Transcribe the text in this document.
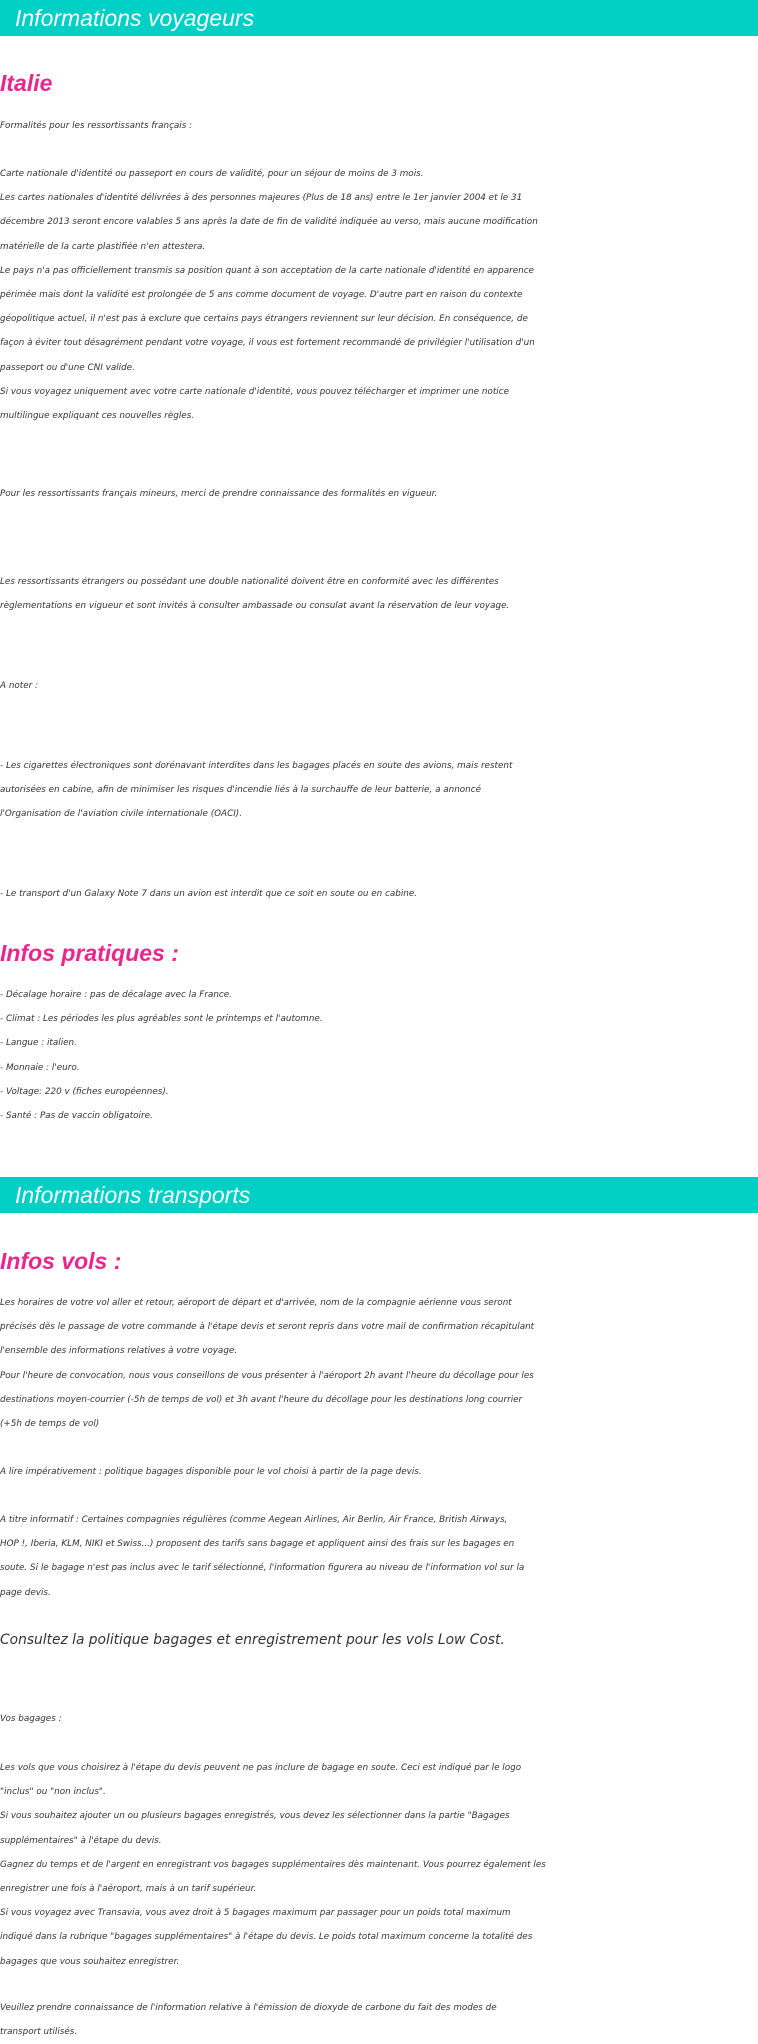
Informations voyageurs
Italie
Formalités pour les ressortissants français :
Carte nationale d'identité ou passeport en cours de validité, pour un séjour de moins de 3 mois.
Les cartes nationales d'identité délivrées à des personnes majeures (Plus de 18 ans) entre le 1er janvier 2004 et le 31
décembre 2013 seront encore valables 5 ans après la date de fin de validité indiquée au verso, mais aucune modification
matérielle de la carte plastifiée n'en attestera.
Le pays n'a pas officiellement transmis sa position quant à son acceptation de la carte nationale d'identité en apparence
périmée mais dont la validité est prolongée de 5 ans comme document de voyage. D'autre part en raison du contexte
géopolitique actuel, il n'est pas à exclure que certains pays étrangers reviennent sur leur décision. En conséquence, de
façon à éviter tout désagrément pendant votre voyage, il vous est fortement recommandé de privilégier l'utilisation d'un
passeport ou d'une CNI valide.
Si vous voyagez uniquement avec votre carte nationale d'identité, vous pouvez télécharger et imprimer une notice
multilingue expliquant ces nouvelles règles.
Pour les ressortissants français mineurs, merci de prendre connaissance des formalités en vigueur.
Les ressortissants étrangers ou possédant une double nationalité doivent être en conformité avec les différentes
règlementations en vigueur et sont invités à consulter ambassade ou consulat avant la réservation de leur voyage.
A noter :
- Les cigarettes électroniques sont dorénavant interdites dans les bagages placés en soute des avions, mais restent
autorisées en cabine, afin de minimiser les risques d'incendie liés à la surchauffe de leur batterie, a annoncé
l'Organisation de l'aviation civile internationale (OACI).
- Le transport d'un Galaxy Note 7 dans un avion est interdit que ce soit en soute ou en cabine.
Infos pratiques :
- Décalage horaire : pas de décalage avec la France.
- Climat : Les périodes les plus agréables sont le printemps et l'automne.
- Langue : italien.
- Monnaie : l'euro.
- Voltage: 220 v (fiches européennes).
- Santé : Pas de vaccin obligatoire.
Informations transports
Infos vols :
Les horaires de votre vol aller et retour, aéroport de départ et d'arrivée, nom de la compagnie aérienne vous seront
précisés dès le passage de votre commande à l'étape devis et seront repris dans votre mail de confirmation récapitulant
l'ensemble des informations relatives à votre voyage.
Pour l'heure de convocation, nous vous conseillons de vous présenter à l'aéroport 2h avant l'heure du décollage pour les
destinations moyen-courrier (-5h de temps de vol) et 3h avant l'heure du décollage pour les destinations long courrier
(+5h de temps de vol)
A lire impérativement : politique bagages disponible pour le vol choisi à partir de la page devis.
A titre informatif : Certaines compagnies régulières (comme Aegean Airlines, Air Berlin, Air France, British Airways,
HOP !, Iberia, KLM, NIKI et Swiss...) proposent des tarifs sans bagage et appliquent ainsi des frais sur les bagages en
soute. Si le bagage n'est pas inclus avec le tarif sélectionné, l'information figurera au niveau de l'information vol sur la
page devis.
Consultez la politique bagages et enregistrement pour les vols Low Cost.
Vos bagages :
Les vols que vous choisirez à l'étape du devis peuvent ne pas inclure de bagage en soute. Ceci est indiqué par le logo
"inclus" ou "non inclus".
Si vous souhaitez ajouter un ou plusieurs bagages enregistrés, vous devez les sélectionner dans la partie "Bagages
supplémentaires" à l'étape du devis.
Gagnez du temps et de l'argent en enregistrant vos bagages supplémentaires dès maintenant. Vous pourrez également les
enregistrer une fois à l'aéroport, mais à un tarif supérieur.
Si vous voyagez avec Transavia, vous avez droit à 5 bagages maximum par passager pour un poids total maximum
indiqué dans la rubrique "bagages supplémentaires" à l'étape du devis. Le poids total maximum concerne la totalité des
bagages que vous souhaitez enregistrer.
Veuillez prendre connaissance de l'information relative à l'émission de dioxyde de carbone du fait des modes de
transport utilisés.
